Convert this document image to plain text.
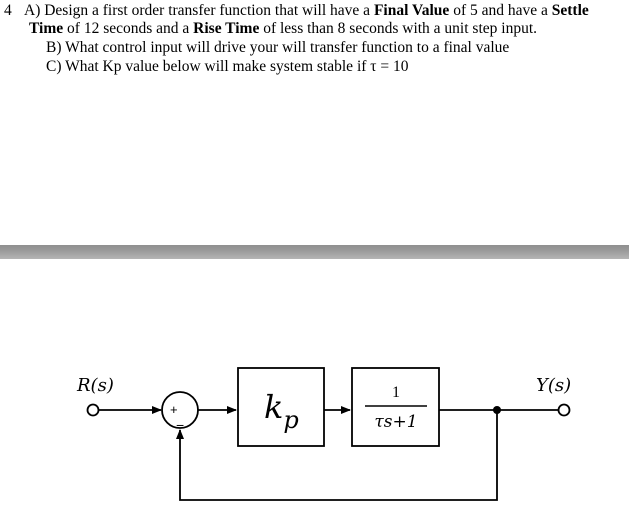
4 A) Design a first order transfer function that will have a Final Value of 5 and have a Settle
Time of 12 seconds and a Rise Time of less than 8 seconds with a unit step input.
B) What control input will drive your will transfer function to a final value
C) What Kp value below will make system stable if τ = 10
R(s)
+
− $k_p$
1
τs+1
Y(s)
